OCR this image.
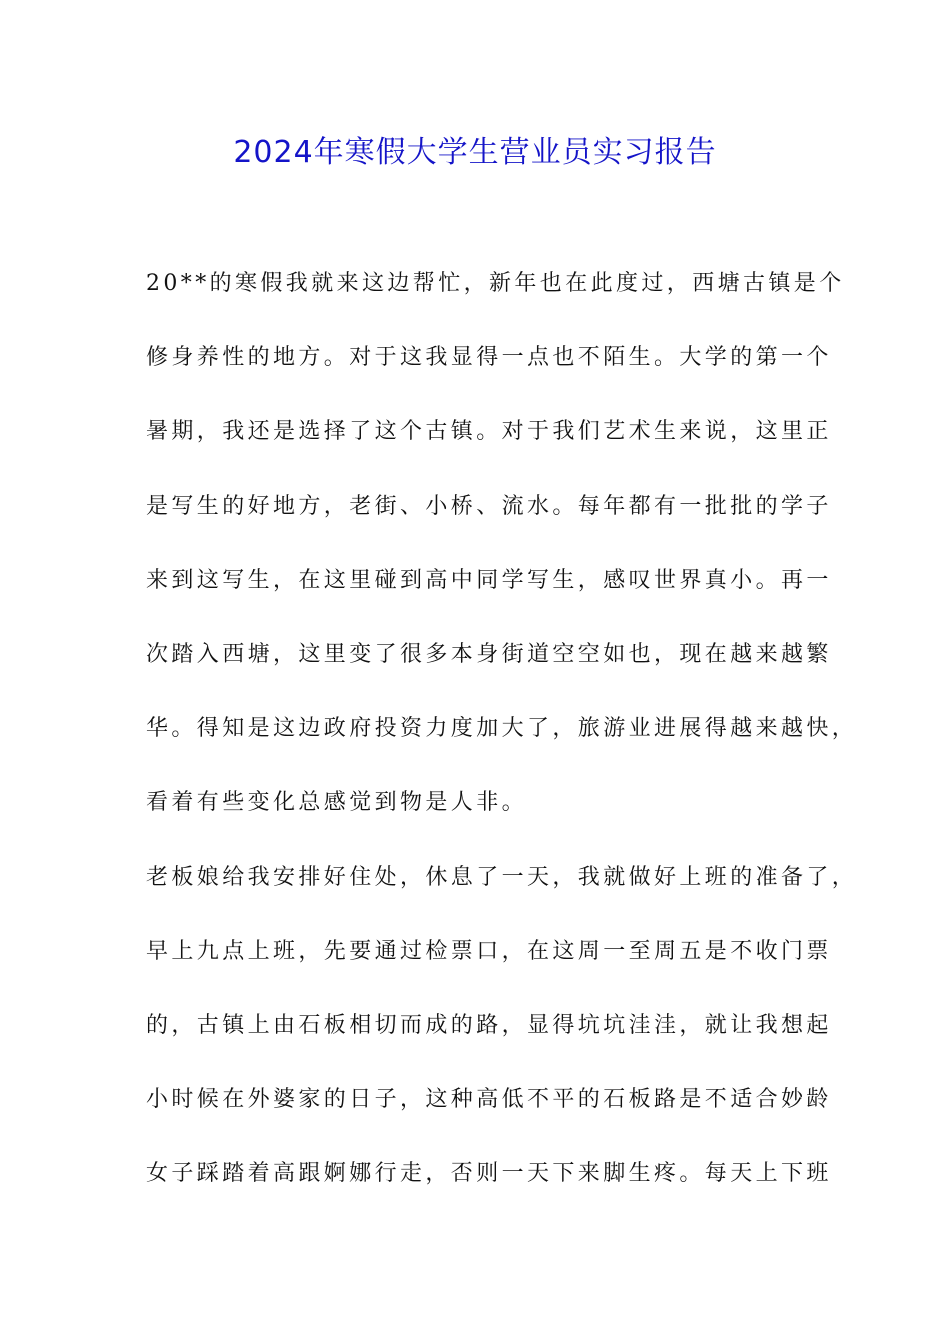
2024年寒假大学生营业员实习报告
20**的寒假我就来这边帮忙，新年也在此度过，西塘古镇是个
修身养性的地方。对于这我显得一点也不陌生。大学的第一个
暑期，我还是选择了这个古镇。对于我们艺术生来说，这里正
是写生的好地方，老街、小桥、流水。每年都有一批批的学子
来到这写生，在这里碰到高中同学写生，感叹世界真小。再一
次踏入西塘，这里变了很多本身街道空空如也，现在越来越繁
华。得知是这边政府投资力度加大了，旅游业进展得越来越快，
看着有些变化总感觉到物是人非。
老板娘给我安排好住处，休息了一天，我就做好上班的准备了，
早上九点上班，先要通过检票口，在这周一至周五是不收门票
的，古镇上由石板相切而成的路，显得坑坑洼洼，就让我想起
小时候在外婆家的日子，这种高低不平的石板路是不适合妙龄
女子踩踏着高跟婀娜行走，否则一天下来脚生疼。每天上下班
